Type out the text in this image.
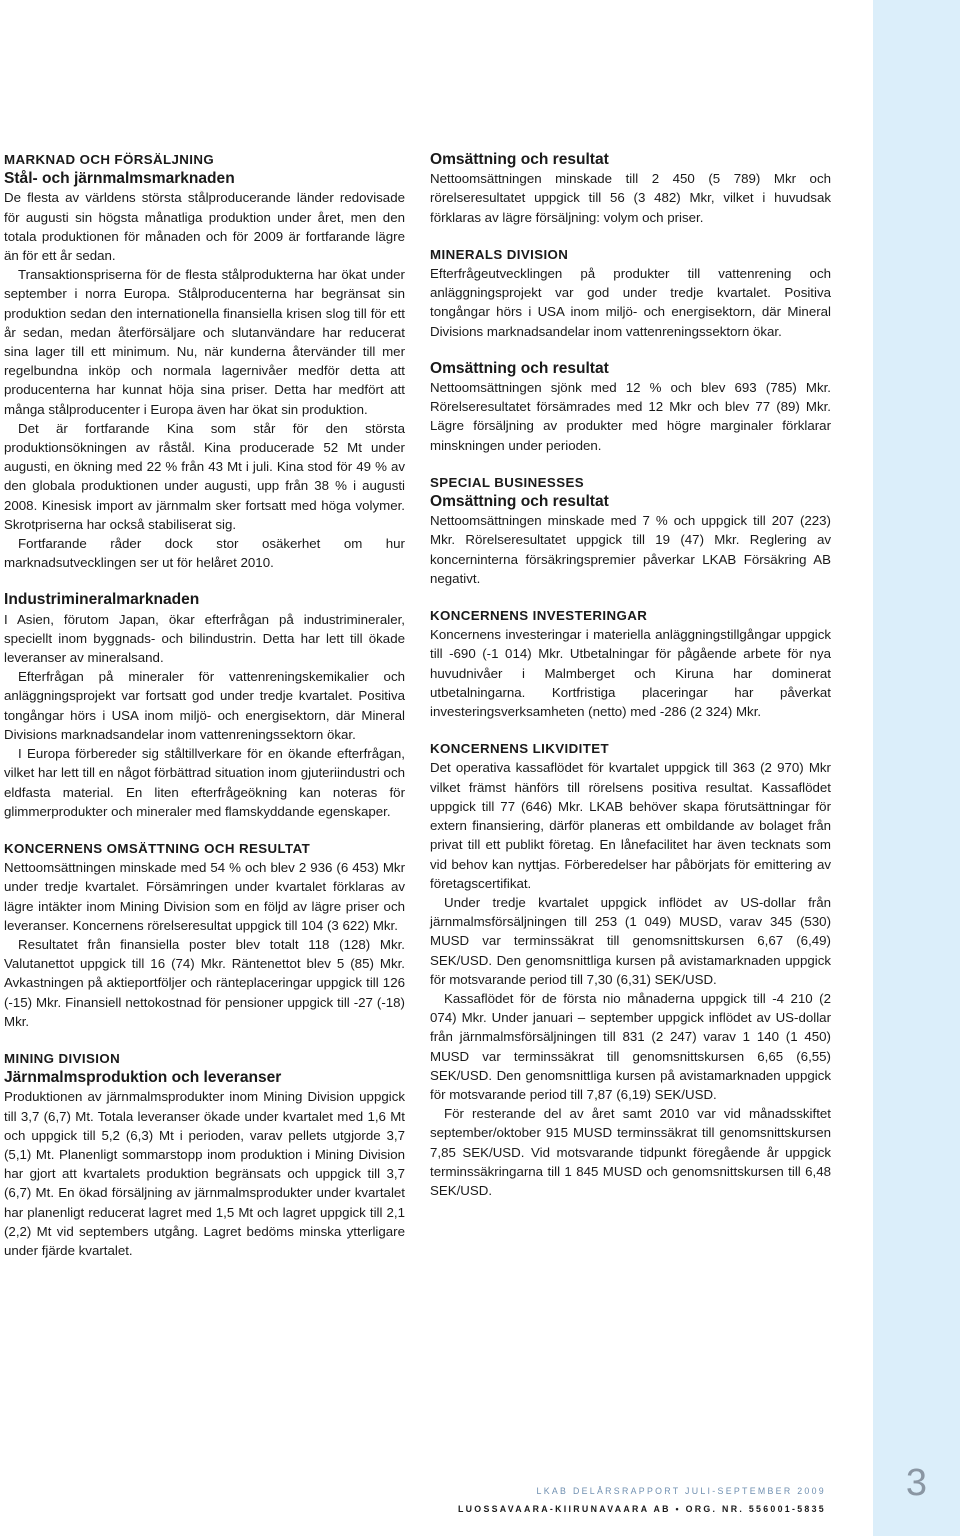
3
MARKNAD OCH FÖRSÄLJNING
Stål- och järnmalmsmarknaden

De flesta av världens största stålproducerande länder redovisade för augusti sin högsta månatliga produktion under året, men den totala produktionen för månaden och för 2009 är fortfarande lägre än för ett år sedan.

Transaktionspriserna för de flesta stålprodukterna har ökat under september i norra Europa. Stålproducenterna har begränsat sin produktion sedan den internationella finansiella krisen slog till för ett år sedan, medan återförsäljare och slutanvändare har reducerat sina lager till ett minimum. Nu, när kunderna återvänder till mer regelbundna inköp och normala lagernivåer medför detta att producenterna har kunnat höja sina priser. Detta har medfört att många stålproducenter i Europa även har ökat sin produktion.

Det är fortfarande Kina som står för den största produktionsökningen av råstål. Kina producerade 52 Mt under augusti, en ökning med 22 % från 43 Mt i juli. Kina stod för 49 % av den globala produktionen under augusti, upp från 38 % i augusti 2008. Kinesisk import av järnmalm sker fortsatt med höga volymer. Skrotpriserna har också stabiliserat sig.

Fortfarande råder dock stor osäkerhet om hur marknadsutvecklingen ser ut för helåret 2010.

Industrimineralmarknaden

I Asien, förutom Japan, ökar efterfrågan på industrimineraler, speciellt inom byggnads- och bilindustrin. Detta har lett till ökade leveranser av mineralsand.

Efterfrågan på mineraler för vattenreningskemikalier och anläggningsprojekt var fortsatt god under tredje kvartalet. Positiva tongångar hörs i USA inom miljö- och energisektorn, där Mineral Divisions marknadsandelar inom vattenreningssektorn ökar.

I Europa förbereder sig ståltillverkare för en ökande efterfrågan, vilket har lett till en något förbättrad situation inom gjuteriindustri och eldfasta material. En liten efterfrågeökning kan noteras för glimmerprodukter och mineraler med flamskyddande egenskaper.

KONCERNENS OMSÄTTNING OCH RESULTAT

Nettoomsättningen minskade med 54 % och blev 2 936 (6 453) Mkr under tredje kvartalet. Försämringen under kvartalet förklaras av lägre intäkter inom Mining Division som en följd av lägre priser och leveranser. Koncernens rörelseresultat uppgick till 104 (3 622) Mkr.

Resultatet från finansiella poster blev totalt 118 (128) Mkr. Valutanettot uppgick till 16 (74) Mkr. Räntenettot blev 5 (85) Mkr. Avkastningen på aktieportföljer och ränteplaceringar uppgick till 126 (-15) Mkr. Finansiell nettokostnad för pensioner uppgick till -27 (-18) Mkr.

MINING DIVISION
Järnmalmsproduktion och leveranser

Produktionen av järnmalmsprodukter inom Mining Division uppgick till 3,7 (6,7) Mt. Totala leveranser ökade under kvartalet med 1,6 Mt och uppgick till 5,2 (6,3) Mt i perioden, varav pellets utgjorde 3,7 (5,1) Mt. Planenligt sommarstopp inom produktion i Mining Division har gjort att kvartalets produktion begränsats och uppgick till 3,7 (6,7) Mt. En ökad försäljning av järnmalmsprodukter under kvartalet har planenligt reducerat lagret med 1,5 Mt och lagret uppgick till 2,1 (2,2) Mt vid septembers utgång. Lagret bedöms minska ytterligare under fjärde kvartalet.

Omsättning och resultat

Nettoomsättningen minskade till 2 450 (5 789) Mkr och rörelseresultatet uppgick till 56 (3 482) Mkr, vilket i huvudsak förklaras av lägre försäljning: volym och priser.

MINERALS DIVISION

Efterfrågeutvecklingen på produkter till vattenrening och anläggningsprojekt var god under tredje kvartalet. Positiva tongångar hörs i USA inom miljö- och energisektorn, där Mineral Divisions marknadsandelar inom vattenreningssektorn ökar.

Omsättning och resultat

Nettoomsättningen sjönk med 12 % och blev 693 (785) Mkr. Rörelseresultatet försämrades med 12 Mkr och blev 77 (89) Mkr. Lägre försäljning av produkter med högre marginaler förklarar minskningen under perioden.

SPECIAL BUSINESSES
Omsättning och resultat

Nettoomsättningen minskade med 7 % och uppgick till 207 (223) Mkr. Rörelseresultatet uppgick till 19 (47) Mkr. Reglering av koncerninterna försäkringspremier påverkar LKAB Försäkring AB negativt.

KONCERNENS INVESTERINGAR

Koncernens investeringar i materiella anläggningstillgångar uppgick till -690 (-1 014) Mkr. Utbetalningar för pågående arbete för nya huvudnivåer i Malmberget och Kiruna har dominerat utbetalningarna. Kortfristiga placeringar har påverkat investeringsverksamheten (netto) med -286 (2 324) Mkr.

KONCERNENS LIKVIDITET

Det operativa kassaflödet för kvartalet uppgick till 363 (2 970) Mkr vilket främst hänförs till rörelsens positiva resultat. Kassaflödet uppgick till 77 (646) Mkr. LKAB behöver skapa förutsättningar för extern finansiering, därför planeras ett ombildande av bolaget från privat till ett publikt företag. En lånefacilitet har även tecknats som vid behov kan nyttjas. Förberedelser har påbörjats för emittering av företagscertifikat.

Under tredje kvartalet uppgick inflödet av US-dollar från järnmalmsförsäljningen till 253 (1 049) MUSD, varav 345 (530) MUSD var terminssäkrat till genomsnittskursen 6,67 (6,49) SEK/USD. Den genomsnittliga kursen på avistamarknaden uppgick för motsvarande period till 7,30 (6,31) SEK/USD.

Kassaflödet för de första nio månaderna uppgick till -4 210 (2 074) Mkr. Under januari – september uppgick inflödet av US-dollar från järnmalmsförsäljningen till 831 (2 247) varav 1 140 (1 450) MUSD var terminssäkrat till genomsnittskursen 6,65 (6,55) SEK/USD. Den genomsnittliga kursen på avistamarknaden uppgick för motsvarande period till 7,87 (6,19) SEK/USD.

För resterande del av året samt 2010 var vid månadsskiftet september/oktober 915 MUSD terminssäkrat till genomsnittskursen 7,85 SEK/USD. Vid motsvarande tidpunkt föregående år uppgick terminssäkringarna till 1 845 MUSD och genomsnittskursen till 6,48 SEK/USD.

LKAB DELÅRSRAPPORT JULI-SEPTEMBER 2009
LUOSSAVAARA-KIIRUNAVAARA AB • ORG. NR. 556001-5835
